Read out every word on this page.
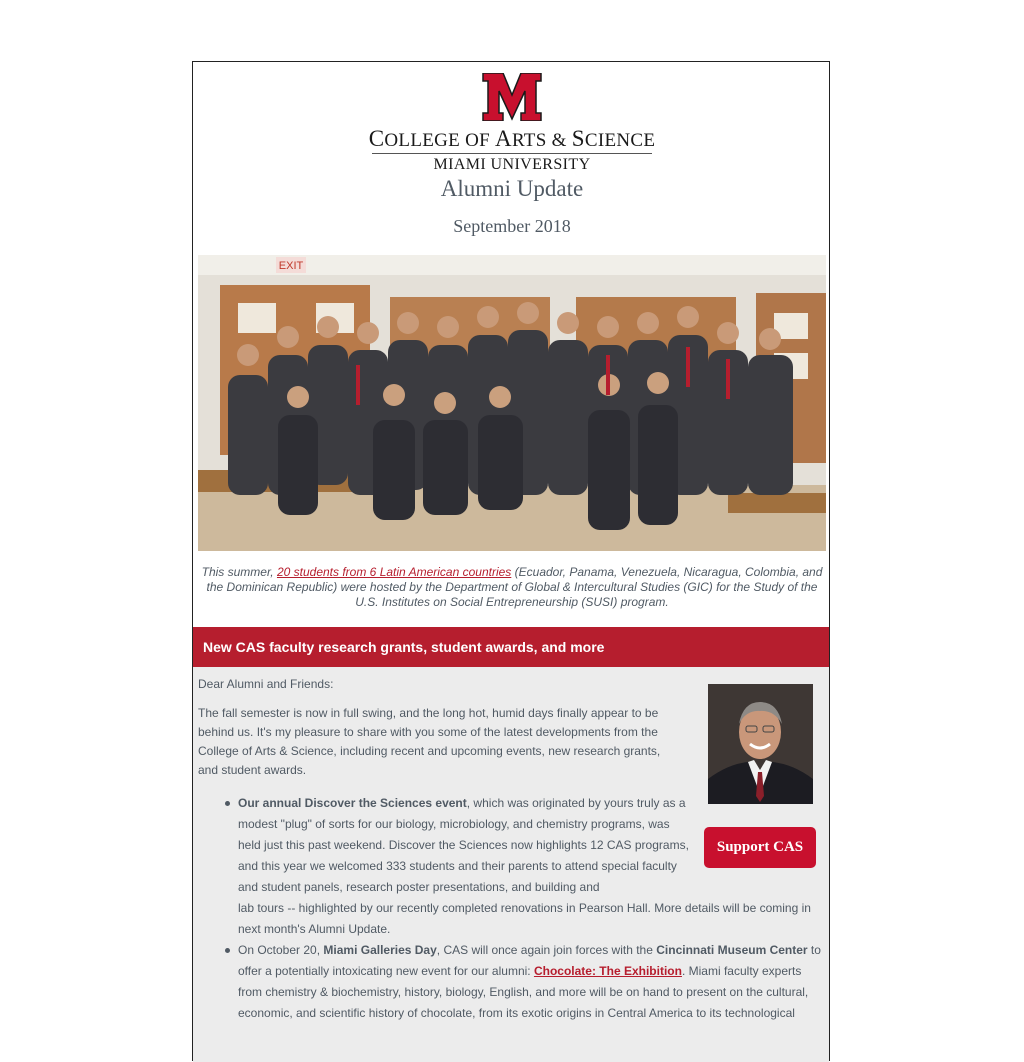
COLLEGE OF ARTS & SCIENCE
MIAMI UNIVERSITY
Alumni Update
September 2018
EXIT
This summer, 20 students from 6 Latin American countries (Ecuador, Panama, Venezuela, Nicaragua, Colombia, and the Dominican Republic) were hosted by the Department of Global & Intercultural Studies (GIC) for the Study of the U.S. Institutes on Social Entrepreneurship (SUSI) program.
New CAS faculty research grants, student awards, and more

Dear Alumni and Friends:

The fall semester is now in full swing, and the long hot, humid days finally appear to be behind us. It's my pleasure to share with you some of the latest developments from the College of Arts & Science, including recent and upcoming events, new research grants, and student awards.

Support CAS
Our annual Discover the Sciences event, which was originated by yours truly as a modest "plug" of sorts for our biology, microbiology, and chemistry programs, was held just this past weekend. Discover the Sciences now highlights 12 CAS programs, and this year we welcomed 333 students and their parents to attend special faculty and student panels, research poster presentations, and building and
lab tours -- highlighted by our recently completed renovations in Pearson Hall. More details will be coming in next month's Alumni Update.
On October 20, Miami Galleries Day, CAS will once again join forces with the Cincinnati Museum Center to offer a potentially intoxicating new event for our alumni: Chocolate: The Exhibition. Miami faculty experts from chemistry & biochemistry, history, biology, English, and more will be on hand to present on the cultural, economic, and scientific history of chocolate, from its exotic origins in Central America to its technological
